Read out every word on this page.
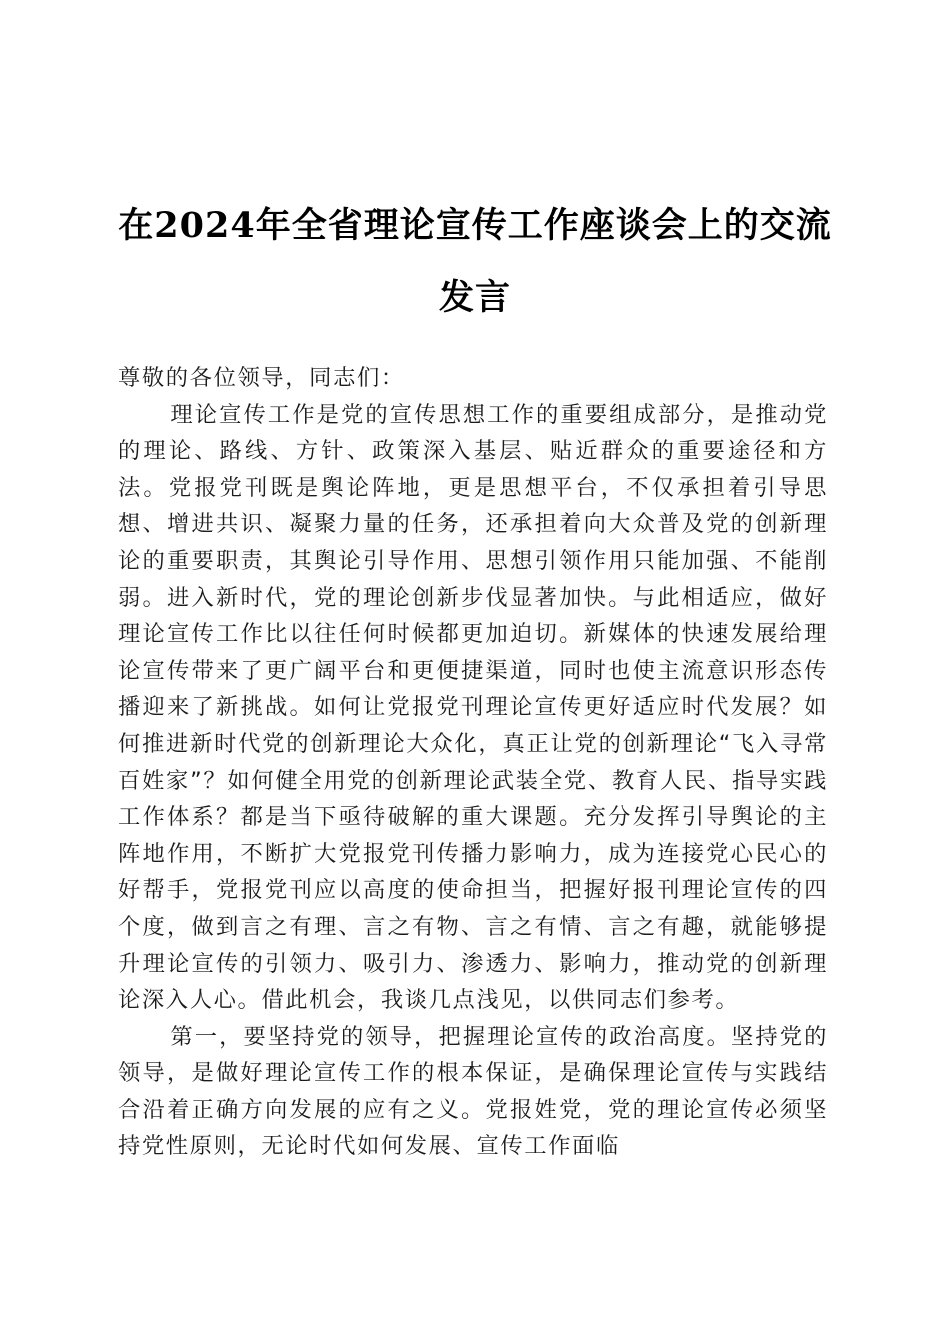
在2024年全省理论宣传工作座谈会上的交流
发言

尊敬的各位领导，同志们：

理论宣传工作是党的宣传思想工作的重要组成部分，是推动党的理论、路线、方针、政策深入基层、贴近群众的重要途径和方法。党报党刊既是舆论阵地，更是思想平台，不仅承担着引导思想、增进共识、凝聚力量的任务，还承担着向大众普及党的创新理论的重要职责，其舆论引导作用、思想引领作用只能加强、不能削弱。进入新时代，党的理论创新步伐显著加快。与此相适应，做好理论宣传工作比以往任何时候都更加迫切。新媒体的快速发展给理论宣传带来了更广阔平台和更便捷渠道，同时也使主流意识形态传播迎来了新挑战。如何让党报党刊理论宣传更好适应时代发展？如何推进新时代党的创新理论大众化，真正让党的创新理论“飞入寻常百姓家”？如何健全用党的创新理论武装全党、教育人民、指导实践工作体系？都是当下亟待破解的重大课题。充分发挥引导舆论的主阵地作用，不断扩大党报党刊传播力影响力，成为连接党心民心的好帮手，党报党刊应以高度的使命担当，把握好报刊理论宣传的四个度，做到言之有理、言之有物、言之有情、言之有趣，就能够提升理论宣传的引领力、吸引力、渗透力、影响力，推动党的创新理论深入人心。借此机会，我谈几点浅见，以供同志们参考。

第一，要坚持党的领导，把握理论宣传的政治高度。坚持党的领导，是做好理论宣传工作的根本保证，是确保理论宣传与实践结合沿着正确方向发展的应有之义。党报姓党，党的理论宣传必须坚持党性原则，无论时代如何发展、宣传工作面临
